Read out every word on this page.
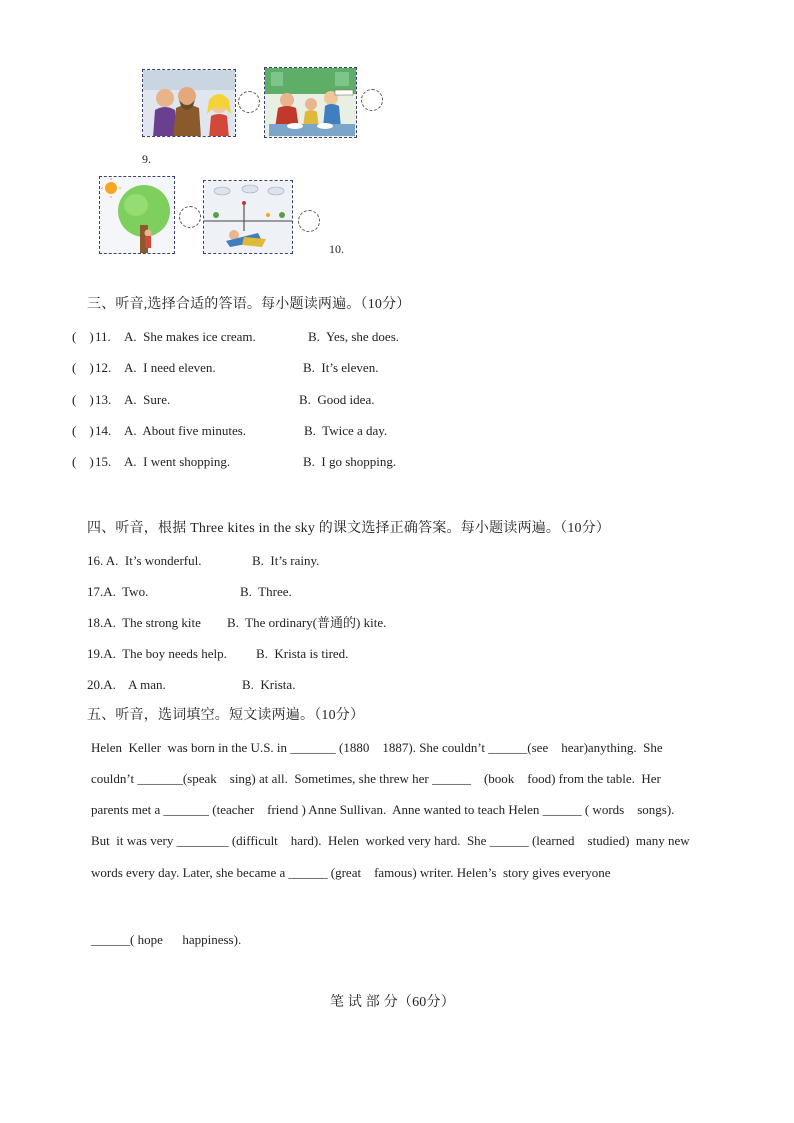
9.
10.
三、听音,选择合适的答语。每小题读两遍。（10分）
(    ) 11. A.  She makes ice cream.	B.  Yes, she does.
(    ) 12. A.  I need eleven.	B.  It’s eleven.
(    ) 13. A.  Sure.	B.  Good idea.
(    ) 14. A.  About five minutes.	B.  Twice a day.
(    ) 15. A.  I went shopping.	B.  I go shopping.
四、听音，根据 Three kites in the sky 的课文选择正确答案。每小题读两遍。（10分）
16. A.  It’s wonderful.	B.  It’s rainy.
17.A.  Two.	B.  Three.
18.A.  The strong kite B.  The ordinary(普通的) kite.
19.A.  The boy needs help. B.  Krista is tired.
20.A.    A man.	B.  Krista.
五、听音，选词填空。短文读两遍。（10分）
Helen  Keller  was born in the U.S. in _______ (1880    1887). She couldn’t ______(see    hear)anything.  She
couldn’t _______(speak    sing) at all.  Sometimes, she threw her ______    (book    food) from the table.  Her
parents met a _______ (teacher    friend ) Anne Sullivan.  Anne wanted to teach Helen ______ ( words    songs).
But  it was very ________ (difficult    hard).  Helen  worked very hard.  She ______ (learned    studied)  many new
words every day. Later, she became a ______ (great    famous) writer. Helen’s  story gives everyone
______( hope      happiness).
笔 试 部 分（60分）
